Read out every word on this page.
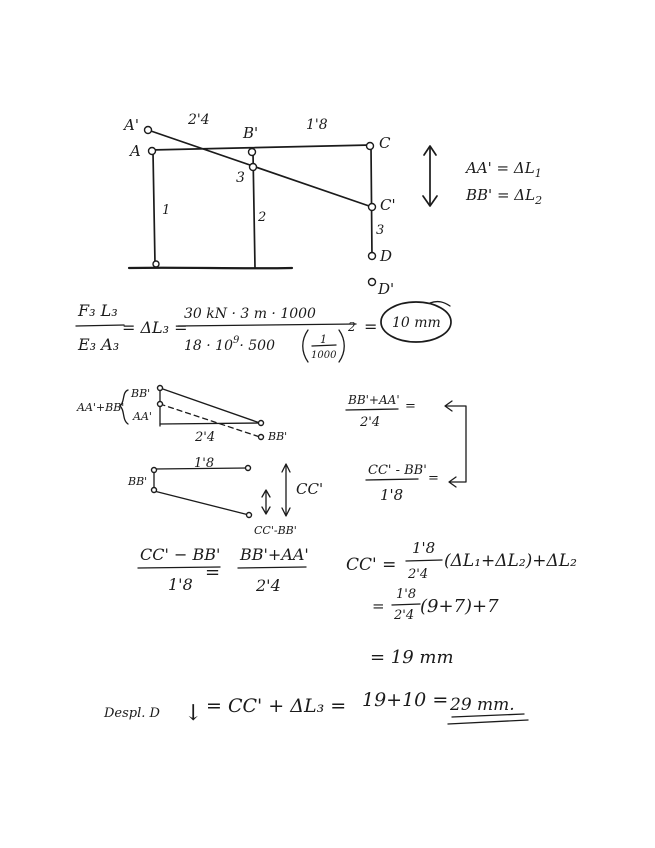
A'
A
2'4
B'	1'8
C
3
C'
1	2
3
D
D'
$AA' = \Delta L_1$
$BB' = \Delta L_2$
F₃ L₃
E₃ A₃
= ΔL₃ =
30 kN · 3 m · 1000
$18 \cdot 10^9\cdot 500$	1
1000
2 = 10 mm
AA'+BB'
BB'
AA'
2'4	BB'
1'8
BB'	CC'
CC'-BB'
BB'+AA'
2'4
=
CC' - BB'
1'8
=
CC' − BB'
1'8
=
BB'+AA'
2'4
CC' =
1'8
2'4
(ΔL₁+ΔL₂)+ΔL₂
=
1'8
2'4 (9+7)+7
= 19 mm
Despl. D ↓ = CC' + ΔL₃ = 19+10 = 29 mm.
